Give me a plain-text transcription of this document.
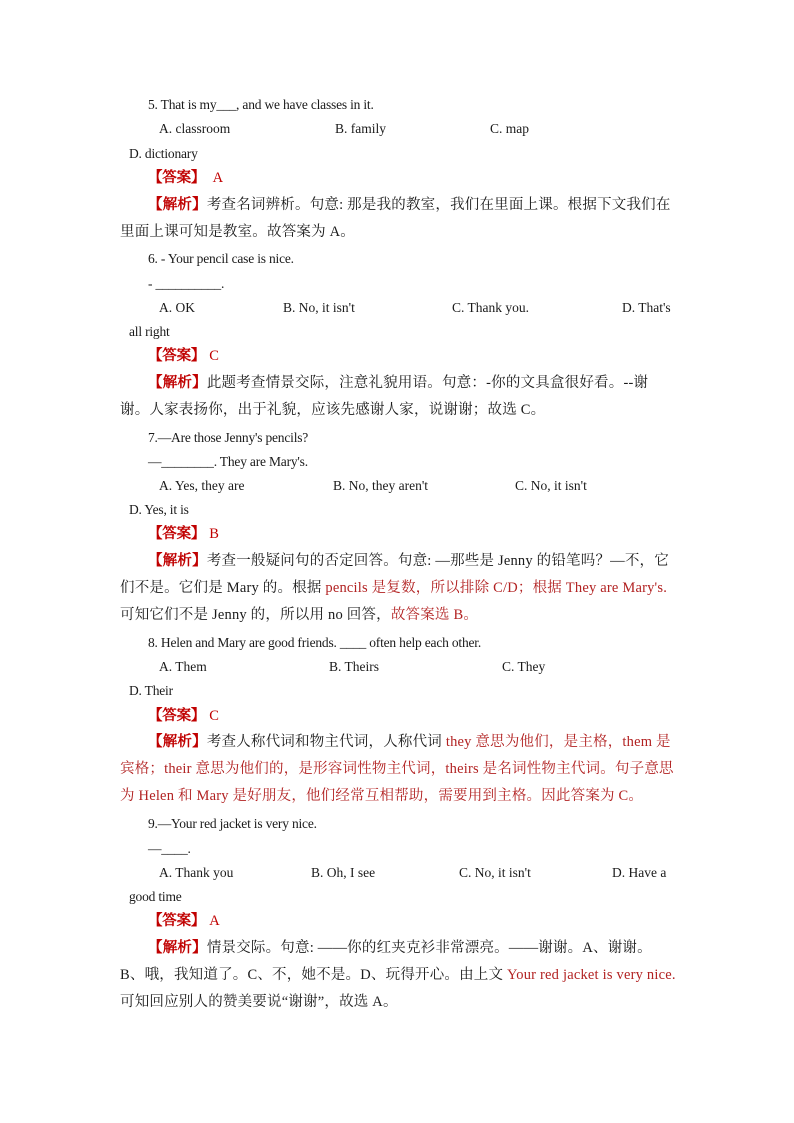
5. That is my___, and we have classes in it.
A. classroom	B. family	C. map
D. dictionary
【答案】 A
【解析】考查名词辨析。句意: 那是我的教室，我们在里面上课。根据下文我们在里面上课可知是教室。故答案为 A。
6. - Your pencil case is nice.
- __________.
A. OK	B. No, it isn't	C. Thank you.	D. That's
all right
【答案】 C
【解析】此题考查情景交际，注意礼貌用语。句意：-你的文具盒很好看。--谢谢。人家表扬你，出于礼貌，应该先感谢人家，说谢谢；故选 C。
7.—Are those Jenny's pencils?
—________. They are Mary's.
A. Yes, they are	B. No, they aren't	C. No, it isn't
D. Yes, it is
【答案】 B
【解析】考查一般疑问句的否定回答。句意: —那些是 Jenny 的铅笔吗？—不，它们不是。它们是 Mary 的。根据 pencils 是复数，所以排除 C/D；根据 They are Mary's.可知它们不是 Jenny 的，所以用 no 回答，故答案选 B。
8. Helen and Mary are good friends. ____ often help each other.
A. Them	B. Theirs	C. They
D. Their
【答案】 C
【解析】考查人称代词和物主代词，人称代词 they 意思为他们，是主格，them 是宾格；their 意思为他们的，是形容词性物主代词，theirs 是名词性物主代词。句子意思为 Helen 和 Mary 是好朋友，他们经常互相帮助，需要用到主格。因此答案为 C。
9.—Your red jacket is very nice.
—____.
A. Thank you	B. Oh, I see	C. No, it isn't	D. Have a
good time
【答案】 A
【解析】情景交际。句意: ——你的红夹克衫非常漂亮。——谢谢。A、谢谢。B、哦，我知道了。C、不，她不是。D、玩得开心。由上文 Your red jacket is very nice.可知回应别人的赞美要说“谢谢”，故选 A。
